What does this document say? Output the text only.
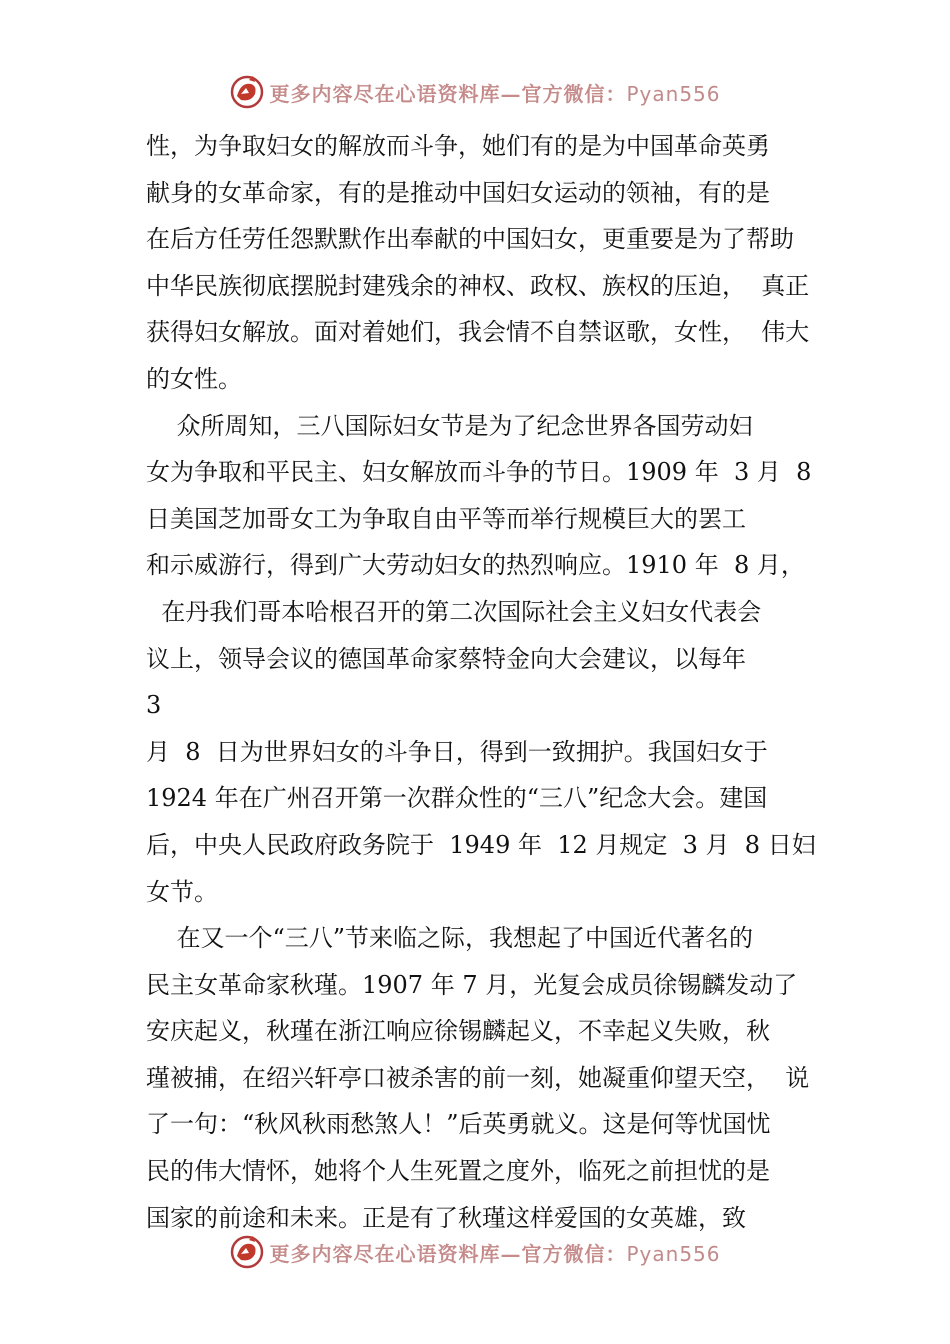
更多内容尽在心语资料库—官方微信：Pyan556
性，为争取妇女的解放而斗争，她们有的是为中国革命英勇
献身的女革命家，有的是推动中国妇女运动的领袖，有的是
在后方任劳任怨默默作出奉献的中国妇女，更重要是为了帮助
中华民族彻底摆脱封建残余的神权、政权、族权的压迫，  真正
获得妇女解放。面对着她们，我会情不自禁讴歌，女性，  伟大
的女性。
众所周知，三八国际妇女节是为了纪念世界各国劳动妇
女为争取和平民主、妇女解放而斗争的节日。1909 年  3 月  8
日美国芝加哥女工为争取自由平等而举行规模巨大的罢工
和示威游行，得到广大劳动妇女的热烈响应。1910 年  8 月，
在丹我们哥本哈根召开的第二次国际社会主义妇女代表会
议上，领导会议的德国革命家蔡特金向大会建议，以每年
3
月  8  日为世界妇女的斗争日，得到一致拥护。我国妇女于
1924 年在广州召开第一次群众性的“三八”纪念大会。建国
后，中央人民政府政务院于  1949 年  12 月规定  3 月  8 日妇
女节。
在又一个“三八”节来临之际，我想起了中国近代著名的
民主女革命家秋瑾。1907 年 7 月，光复会成员徐锡麟发动了
安庆起义，秋瑾在浙江响应徐锡麟起义，不幸起义失败，秋
瑾被捕，在绍兴轩亭口被杀害的前一刻，她凝重仰望天空，  说
了一句：“秋风秋雨愁煞人！”后英勇就义。这是何等忧国忧
民的伟大情怀，她将个人生死置之度外，临死之前担忧的是
国家的前途和未来。正是有了秋瑾这样爱国的女英雄，致
更多内容尽在心语资料库—官方微信：Pyan556
